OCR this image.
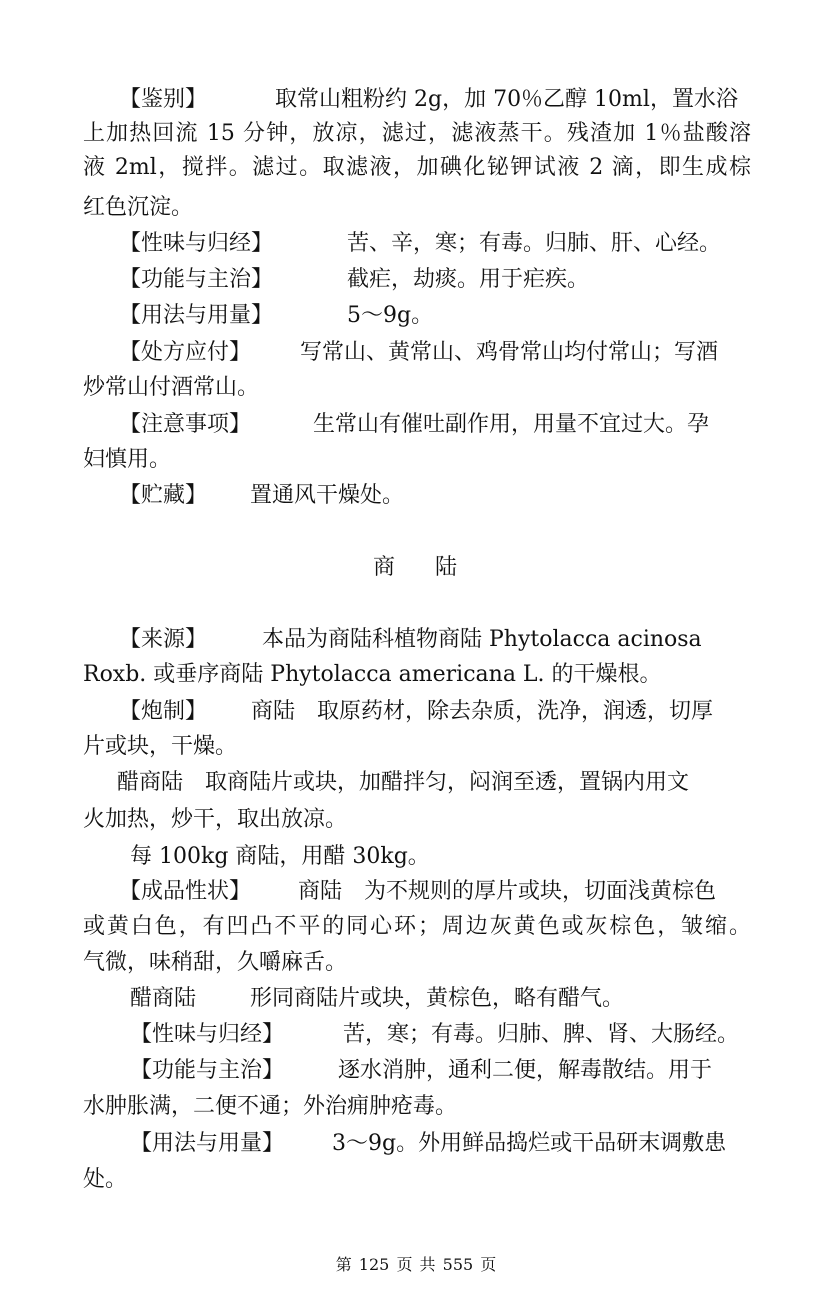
【鉴别】	取常山粗粉约 2g，加 70％乙醇 10ml，置水浴
上加热回流 15 分钟，放凉，滤过，滤液蒸干。残渣加 1％盐酸溶
液 2ml，搅拌。滤过。取滤液，加碘化铋钾试液 2 滴，即生成棕
红色沉淀。
【性味与归经】	苦、辛，寒；有毒。归肺、肝、心经。
【功能与主治】	截疟，劫痰。用于疟疾。
【用法与用量】	5～9g。
【处方应付】 写常山、黄常山、鸡骨常山均付常山；写酒
炒常山付酒常山。
【注意事项】	生常山有催吐副作用，用量不宜过大。孕
妇慎用。
【贮藏】 置通风干燥处。
商 陆
【来源】 本品为商陆科植物商陆 Phytolacca acinosa
Roxb. 或垂序商陆 Phytolacca americana L. 的干燥根。
【炮制】 商陆　取原药材，除去杂质，洗净，润透，切厚
片或块，干燥。
醋商陆　取商陆片或块，加醋拌匀，闷润至透，置锅内用文
火加热，炒干，取出放凉。
每 100kg 商陆，用醋 30kg。
【成品性状】 商陆　为不规则的厚片或块，切面浅黄棕色
或黄白色，有凹凸不平的同心环；周边灰黄色或灰棕色，皱缩。
气微，味稍甜，久嚼麻舌。
醋商陆 形同商陆片或块，黄棕色，略有醋气。
【性味与归经】	苦，寒；有毒。归肺、脾、肾、大肠经。
【功能与主治】 逐水消肿，通利二便，解毒散结。用于
水肿胀满，二便不通；外治痈肿疮毒。
【用法与用量】 3～9g。外用鲜品捣烂或干品研末调敷患
处。
第 125 页 共 555 页
